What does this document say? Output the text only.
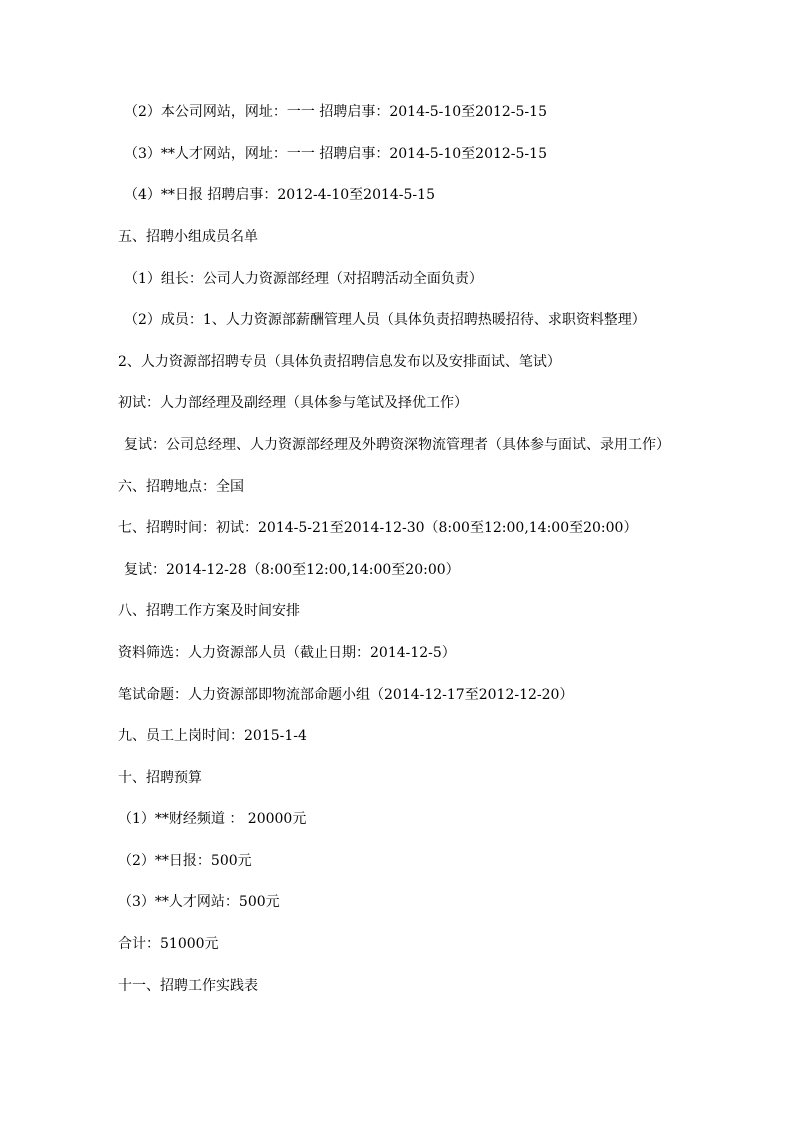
（2）本公司网站，网址：一一 招聘启事：2014-5-10至2012-5-15
（3）**人才网站，网址：一一 招聘启事：2014-5-10至2012-5-15
（4）**日报 招聘启事：2012-4-10至2014-5-15
五、招聘小组成员名单
（1）组长：公司人力资源部经理（对招聘活动全面负责）
（2）成员：1、人力资源部薪酬管理人员（具体负责招聘热暖招待、求职资料整理）
2、人力资源部招聘专员（具体负责招聘信息发布以及安排面试、笔试）
初试：人力部经理及副经理（具体参与笔试及择优工作）
复试：公司总经理、人力资源部经理及外聘资深物流管理者（具体参与面试、录用工作）
六、招聘地点：全国
七、招聘时间：初试：2014-5-21至2014-12-30（8:00至12:00,14:00至20:00）
复试：2014-12-28（8:00至12:00,14:00至20:00）
八、招聘工作方案及时间安排
资料筛选：人力资源部人员（截止日期：2014-12-5）
笔试命题：人力资源部即物流部命题小组（2014-12-17至2012-12-20）
九、员工上岗时间：2015-1-4
十、招聘预算
（1）**财经频道 ： 20000元
（2）**日报：500元
（3）**人才网站：500元
合计：51000元
十一、招聘工作实践表
